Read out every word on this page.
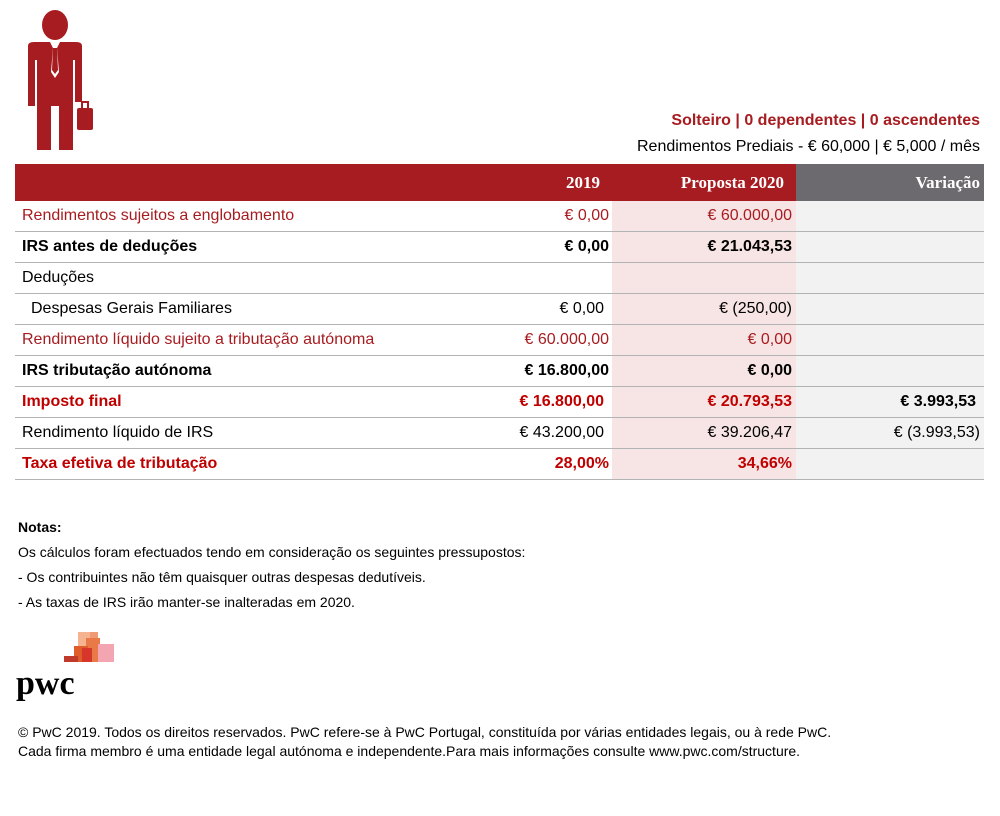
Solteiro | 0 dependentes | 0 ascendentes
Rendimentos Prediais - € 60,000 | € 5,000 / mês
	2019	Proposta 2020	Variação
Rendimentos sujeitos a englobamento	€ 0,00	€ 60.000,00	
IRS antes de deduções	€ 0,00	€ 21.043,53	
Deduções			
Despesas Gerais Familiares	€ 0,00	€ (250,00)	
Rendimento líquido sujeito a tributação autónoma	€ 60.000,00	€ 0,00	
IRS tributação autónoma	€ 16.800,00	€ 0,00	
Imposto final	€ 16.800,00	€ 20.793,53	€ 3.993,53
Rendimento líquido de IRS	€ 43.200,00	€ 39.206,47	€ (3.993,53)
Taxa efetiva de tributação	28,00%	34,66%	
Notas:
Os cálculos foram efectuados tendo em consideração os seguintes pressupostos:
- Os contribuintes não têm quaisquer outras despesas dedutíveis.
- As taxas de IRS irão manter-se inalteradas em 2020.
pwc
© PwC 2019. Todos os direitos reservados. PwC refere-se à PwC Portugal, constituída por várias entidades legais, ou à rede PwC.
Cada firma membro é uma entidade legal autónoma e independente.Para mais informações consulte www.pwc.com/structure.
